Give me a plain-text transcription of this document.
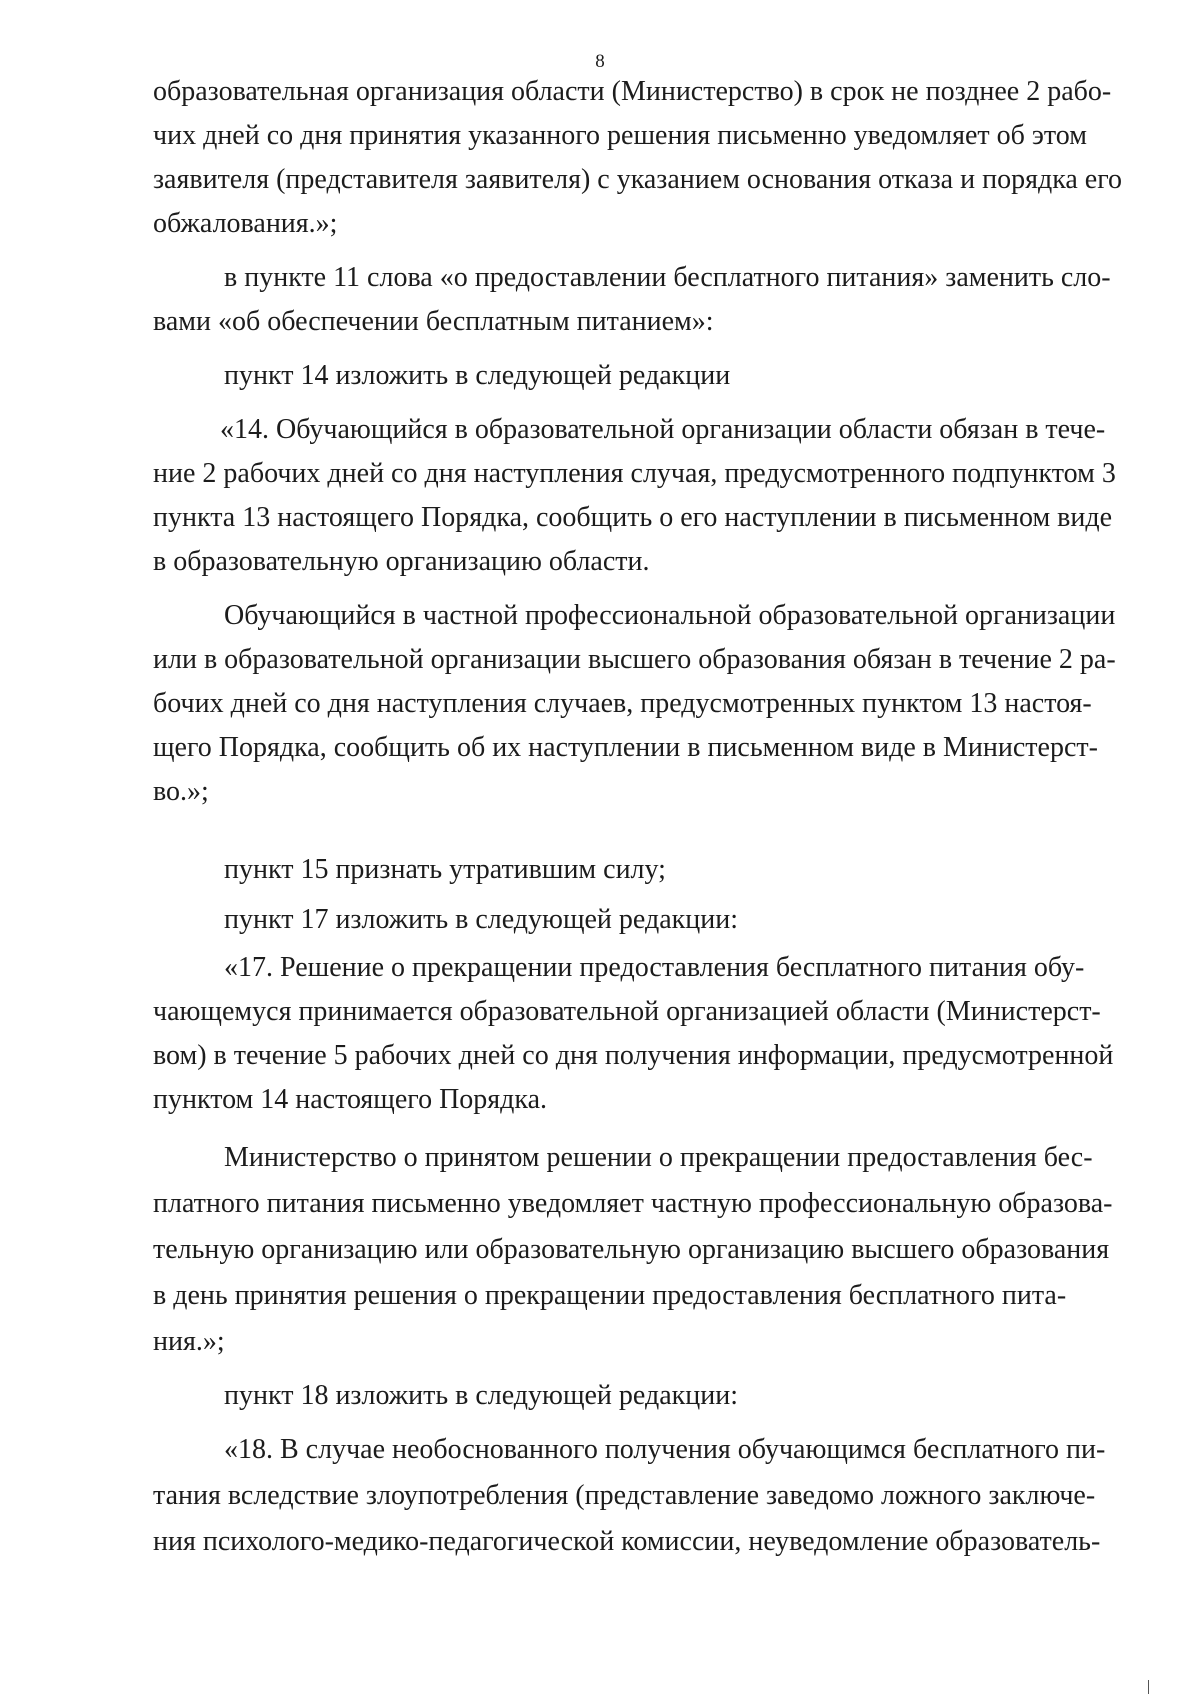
8
образовательная организация области (Министерство) в срок не позднее 2 рабо-
чих дней со дня принятия указанного решения письменно уведомляет об этом
заявителя (представителя заявителя) с указанием основания отказа и порядка его
обжалования.»;
в пункте 11 слова «о предоставлении бесплатного питания» заменить сло-
вами «об обеспечении бесплатным питанием»:
пункт 14 изложить в следующей редакции
«14. Обучающийся в образовательной организации области обязан в тече-
ние 2 рабочих дней со дня наступления случая, предусмотренного подпунктом 3
пункта 13 настоящего Порядка, сообщить о его наступлении в письменном виде
в образовательную организацию области.
Обучающийся в частной профессиональной образовательной организации
или в образовательной организации высшего образования обязан в течение 2 ра-
бочих дней со дня наступления случаев, предусмотренных пунктом 13 настоя-
щего Порядка, сообщить об их наступлении в письменном виде в Министерст-
во.»;
пункт 15 признать утратившим силу;
пункт 17 изложить в следующей редакции:
«17. Решение о прекращении предоставления бесплатного питания обу-
чающемуся принимается образовательной организацией области (Министерст-
вом) в течение 5 рабочих дней со дня получения информации, предусмотренной
пунктом 14 настоящего Порядка.
Министерство о принятом решении о прекращении предоставления бес-
платного питания письменно уведомляет частную профессиональную образова-
тельную организацию или образовательную организацию высшего образования
в день принятия решения о прекращении предоставления бесплатного пита-
ния.»;
пункт 18 изложить в следующей редакции:
«18. В случае необоснованного получения обучающимся бесплатного пи-
тания вследствие злоупотребления (представление заведомо ложного заключе-
ния психолого-медико-педагогической комиссии, неуведомление образователь-
